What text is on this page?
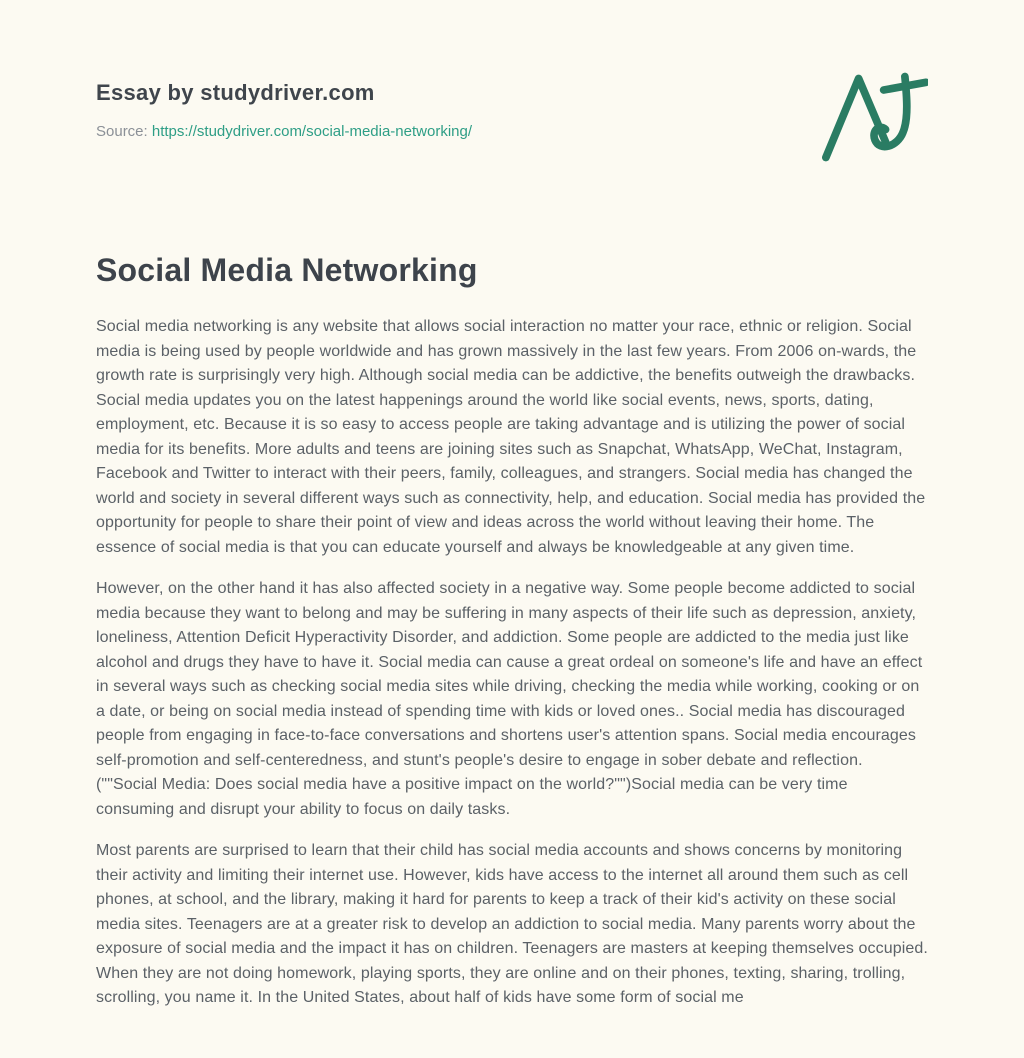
Essay by studydriver.com
Source: https://studydriver.com/social-media-networking/
Social Media Networking

Social media networking is any website that allows social interaction no matter your race, ethnic or religion. Social media is being used by people worldwide and has grown massively in the last few years. From 2006 on-wards, the growth rate is surprisingly very high. Although social media can be addictive, the benefits outweigh the drawbacks. Social media updates you on the latest happenings around the world like social events, news, sports, dating, employment, etc. Because it is so easy to access people are taking advantage and is utilizing the power of social media for its benefits. More adults and teens are joining sites such as Snapchat, WhatsApp, WeChat, Instagram, Facebook and Twitter to interact with their peers, family, colleagues, and strangers. Social media has changed the world and society in several different ways such as connectivity, help, and education. Social media has provided the opportunity for people to share their point of view and ideas across the world without leaving their home. The essence of social media is that you can educate yourself and always be knowledgeable at any given time.

However, on the other hand it has also affected society in a negative way. Some people become addicted to social media because they want to belong and may be suffering in many aspects of their life such as depression, anxiety, loneliness, Attention Deficit Hyperactivity Disorder, and addiction. Some people are addicted to the media just like alcohol and drugs they have to have it. Social media can cause a great ordeal on someone's life and have an effect in several ways such as checking social media sites while driving, checking the media while working, cooking or on a date, or being on social media instead of spending time with kids or loved ones.. Social media has discouraged people from engaging in face-to-face conversations and shortens user's attention spans. Social media encourages self-promotion and self-centeredness, and stunt's people's desire to engage in sober debate and reflection. (""Social Media: Does social media have a positive impact on the world?"")Social media can be very time consuming and disrupt your ability to focus on daily tasks.

Most parents are surprised to learn that their child has social media accounts and shows concerns by monitoring their activity and limiting their internet use. However, kids have access to the internet all around them such as cell phones, at school, and the library, making it hard for parents to keep a track of their kid's activity on these social media sites. Teenagers are at a greater risk to develop an addiction to social media. Many parents worry about the exposure of social media and the impact it has on children. Teenagers are masters at keeping themselves occupied. When they are not doing homework, playing sports, they are online and on their phones, texting, sharing, trolling, scrolling, you name it. In the United States, about half of kids have some form of social me
